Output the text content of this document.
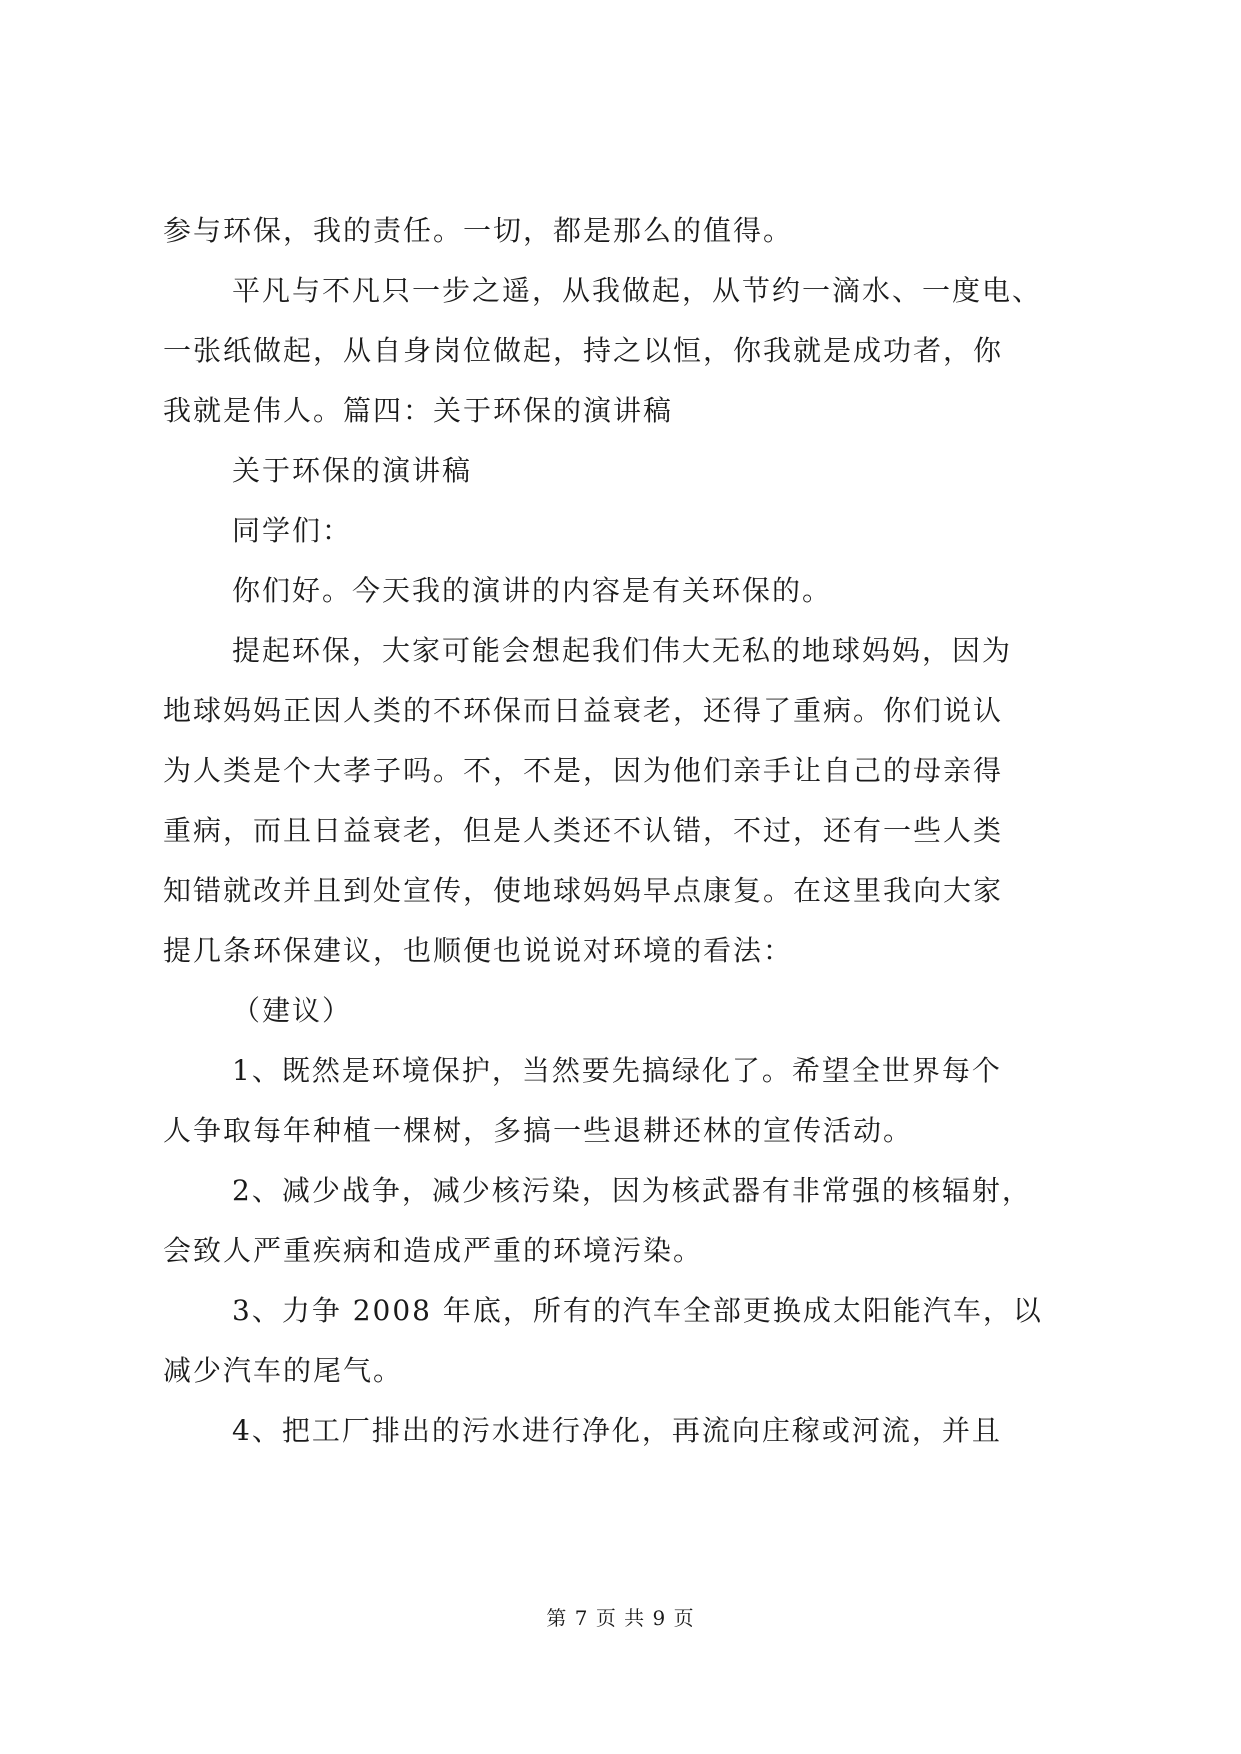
参与环保，我的责任。一切，都是那么的值得。
平凡与不凡只一步之遥，从我做起，从节约一滴水、一度电、
一张纸做起，从自身岗位做起，持之以恒，你我就是成功者，你
我就是伟人。篇四：关于环保的演讲稿
关于环保的演讲稿
同学们：
你们好。今天我的演讲的内容是有关环保的。
提起环保，大家可能会想起我们伟大无私的地球妈妈，因为
地球妈妈正因人类的不环保而日益衰老，还得了重病。你们说认
为人类是个大孝子吗。不，不是，因为他们亲手让自己的母亲得
重病，而且日益衰老，但是人类还不认错，不过，还有一些人类
知错就改并且到处宣传，使地球妈妈早点康复。在这里我向大家
提几条环保建议，也顺便也说说对环境的看法：
（建议）
1、既然是环境保护，当然要先搞绿化了。希望全世界每个
人争取每年种植一棵树，多搞一些退耕还林的宣传活动。
2、减少战争，减少核污染，因为核武器有非常强的核辐射，
会致人严重疾病和造成严重的环境污染。
3、力争 2008 年底，所有的汽车全部更换成太阳能汽车，以
减少汽车的尾气。
4、把工厂排出的污水进行净化，再流向庄稼或河流，并且
第 7 页 共 9 页
